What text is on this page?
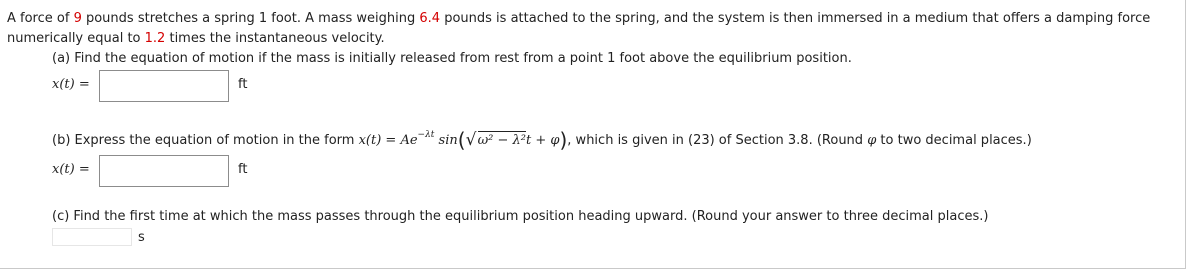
A force of 9 pounds stretches a spring 1 foot. A mass weighing 6.4 pounds is attached to the spring, and the system is then immersed in a medium that offers a damping force numerically equal to 1.2 times the instantaneous velocity.
(a) Find the equation of motion if the mass is initially released from rest from a point 1 foot above the equilibrium position.
x(t) =	ft
(b) Express the equation of motion in the form $x(t) = Ae^{-\lambda t}$ sin( √ ω² − λ²t + φ), which is given in (23) of Section 3.8. (Round φ to two decimal places.)
x(t) =	ft
(c) Find the first time at which the mass passes through the equilibrium position heading upward. (Round your answer to three decimal places.)
s
